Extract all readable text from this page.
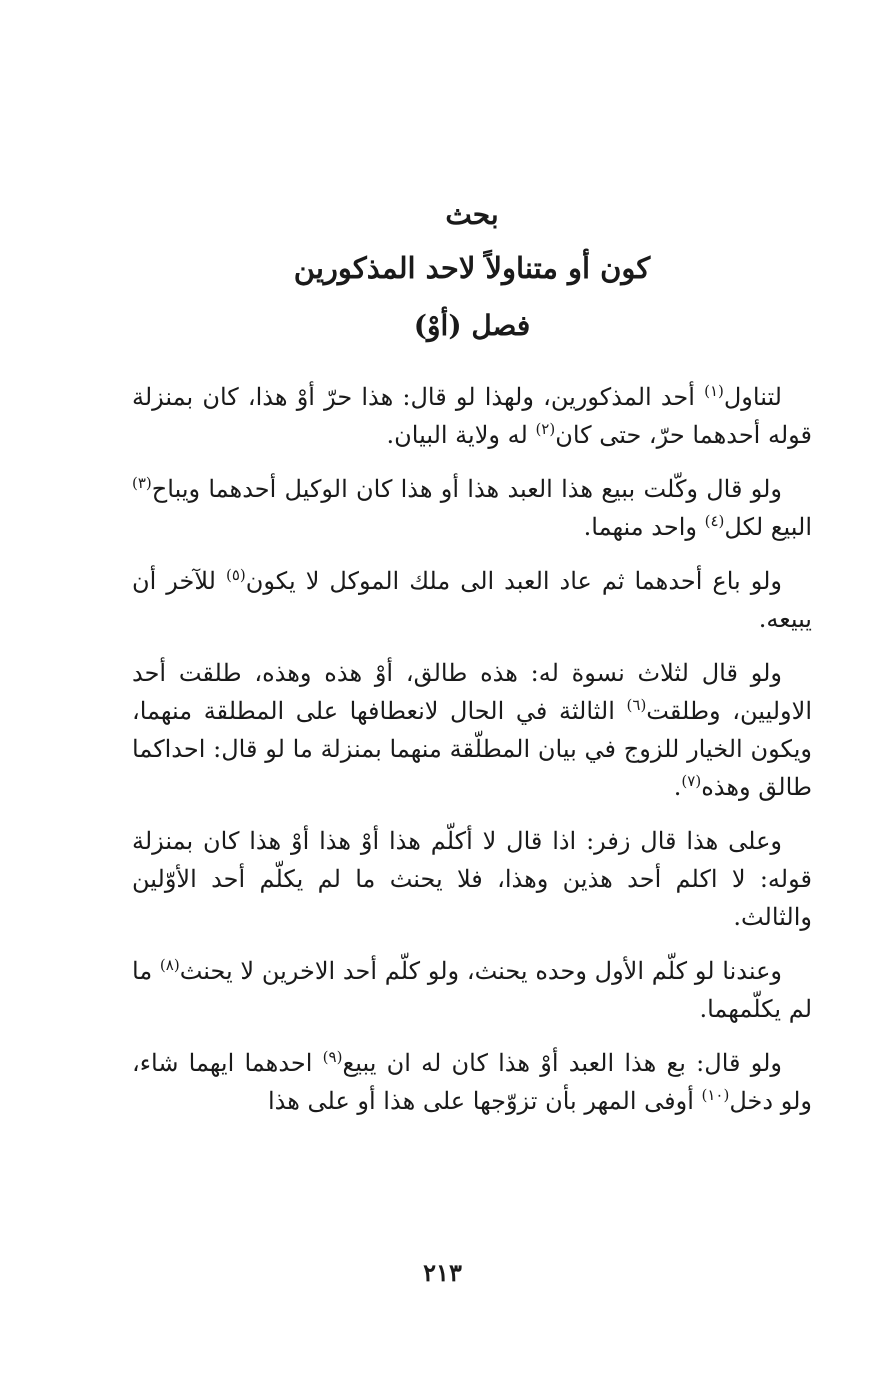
بحث
كون أو متناولاً لاحد المذكورين
فصل (أوْ)

لتناول$^{(١)}$ أحد المذكورين، ولهذا لو قال: هذا حرّ أوْ هذا، كان بمنزلة قوله أحدهما حرّ، حتى كان$^{(٢)}$ له ولاية البيان.

ولو قال وكّلت ببيع هذا العبد هذا أو هذا كان الوكيل أحدهما ويباح$^{(٣)}$ البيع لكل$^{(٤)}$ واحد منهما.

ولو باع أحدهما ثم عاد العبد الى ملك الموكل لا يكون$^{(٥)}$ للآخر أن يبيعه.

ولو قال لثلاث نسوة له: هذه طالق، أوْ هذه وهذه، طلقت أحد الاولیین، وطلقت$^{(٦)}$ الثالثة في الحال لانعطافها على المطلقة منهما، ويكون الخيار للزوج في بيان المطلّقة منهما بمنزلة ما لو قال: احداكما طالق وهذه$^{(٧)}$.

وعلى هذا قال زفر: اذا قال لا أكلّم هذا أوْ هذا أوْ هذا كان بمنزلة قوله: لا اكلم أحد هذين وهذا، فلا يحنث ما لم يكلّم أحد الأوّلين والثالث.

وعندنا لو كلّم الأول وحده يحنث، ولو كلّم أحد الاخرين لا يحنث$^{(٨)}$ ما لم يكلّمهما.

ولو قال: بع هذا العبد أوْ هذا كان له ان يبيع$^{(٩)}$ احدهما ايهما شاء، ولو دخل$^{(١٠)}$ أوفى المهر بأن تزوّجها على هذا أو على هذا

٢١٣
